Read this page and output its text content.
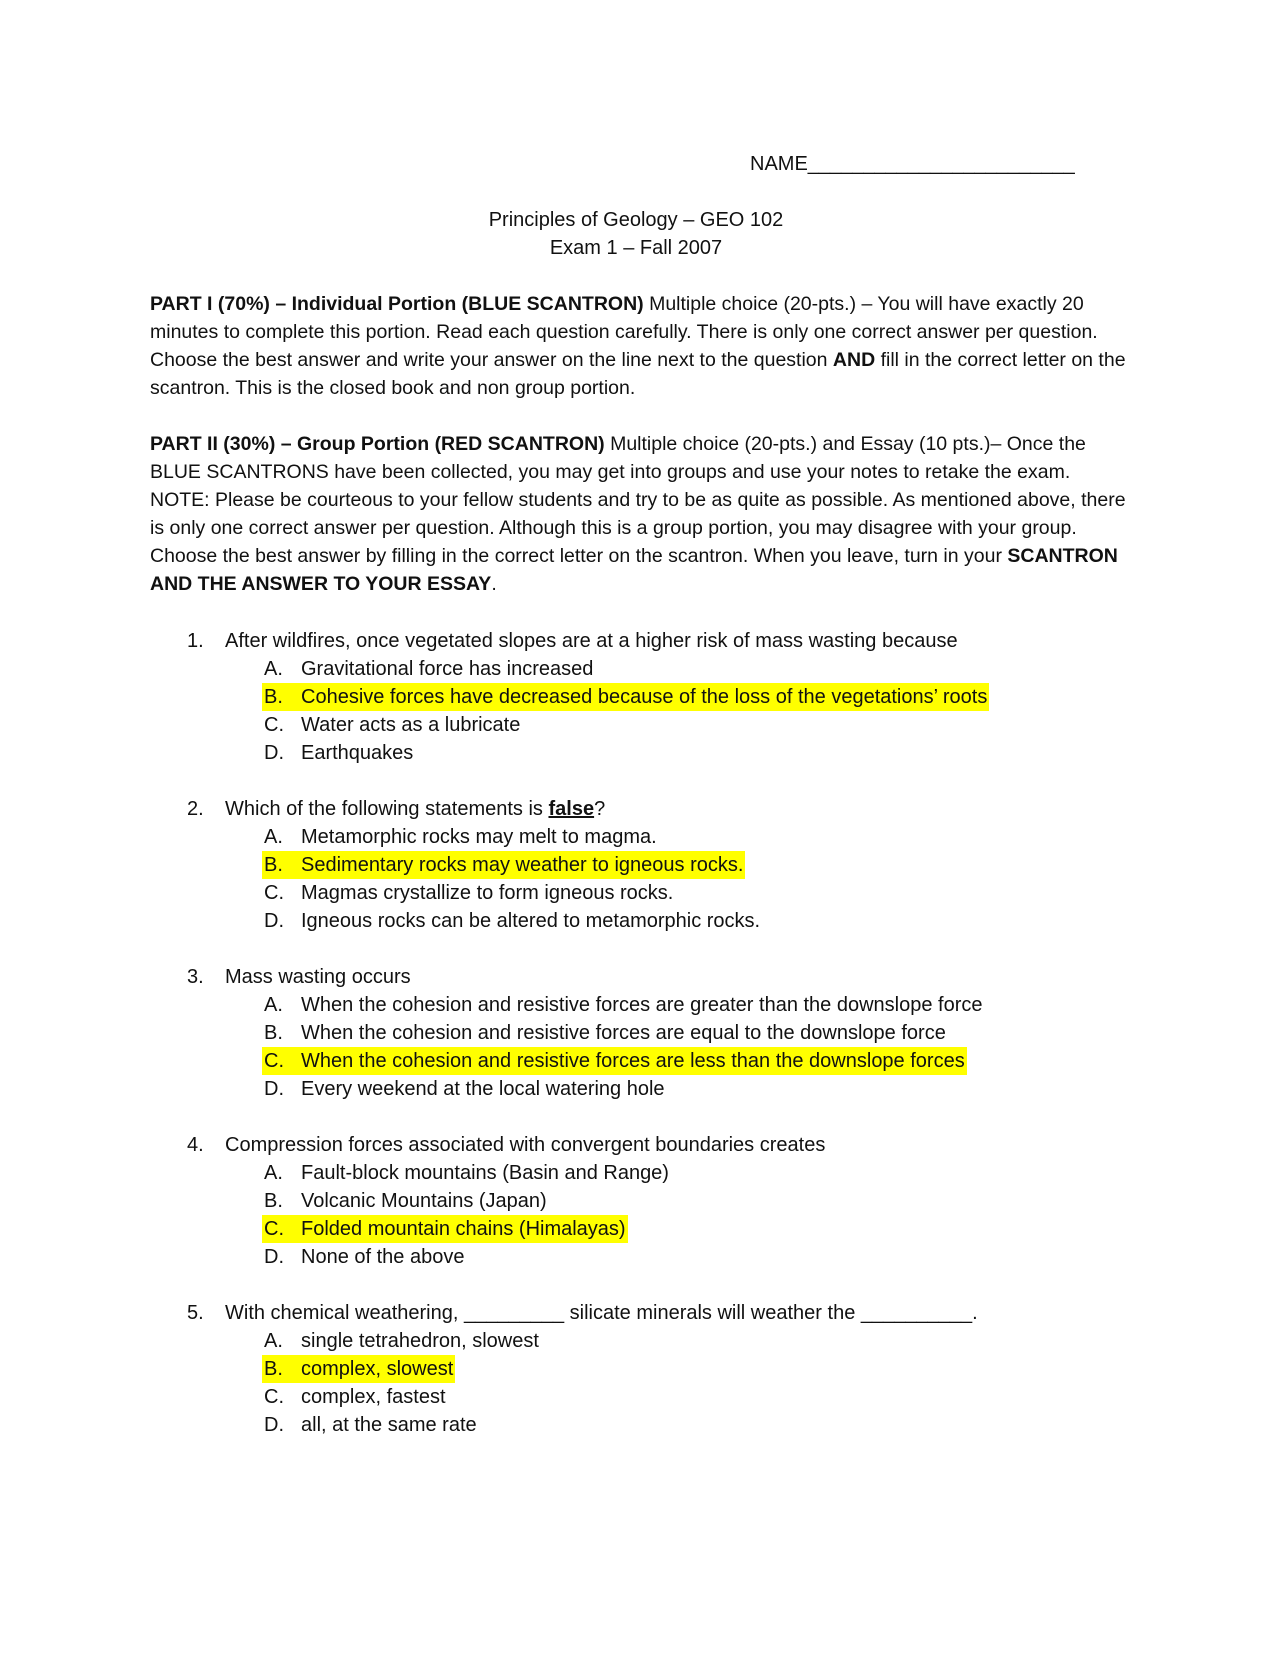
NAME________________________
Principles of Geology – GEO 102
Exam 1 – Fall 2007
PART I (70%) – Individual Portion (BLUE SCANTRON) Multiple choice (20-pts.) – You will have exactly 20 minutes to complete this portion. Read each question carefully. There is only one correct answer per question. Choose the best answer and write your answer on the line next to the question AND fill in the correct letter on the scantron. This is the closed book and non group portion.
PART II (30%) – Group Portion (RED SCANTRON) Multiple choice (20-pts.) and Essay (10 pts.)– Once the BLUE SCANTRONS have been collected, you may get into groups and use your notes to retake the exam. NOTE: Please be courteous to your fellow students and try to be as quite as possible. As mentioned above, there is only one correct answer per question. Although this is a group portion, you may disagree with your group. Choose the best answer by filling in the correct letter on the scantron. When you leave, turn in your SCANTRON AND THE ANSWER TO YOUR ESSAY.
1.	After wildfires, once vegetated slopes are at a higher risk of mass wasting because
A. Gravitational force has increased
B. Cohesive forces have decreased because of the loss of the vegetations’ roots
C. Water acts as a lubricate
D. Earthquakes
2.	Which of the following statements is false?
A. Metamorphic rocks may melt to magma.
B. Sedimentary rocks may weather to igneous rocks.
C. Magmas crystallize to form igneous rocks.
D. Igneous rocks can be altered to metamorphic rocks.
3.	Mass wasting occurs
A. When the cohesion and resistive forces are greater than the downslope force
B. When the cohesion and resistive forces are equal to the downslope force
C. When the cohesion and resistive forces are less than the downslope forces
D. Every weekend at the local watering hole
4.	Compression forces associated with convergent boundaries creates
A. Fault-block mountains (Basin and Range)
B. Volcanic Mountains (Japan)
C. Folded mountain chains (Himalayas)
D. None of the above
5.	With chemical weathering, _________ silicate minerals will weather the __________.
A. single tetrahedron, slowest
B. complex, slowest
C. complex, fastest
D. all, at the same rate
